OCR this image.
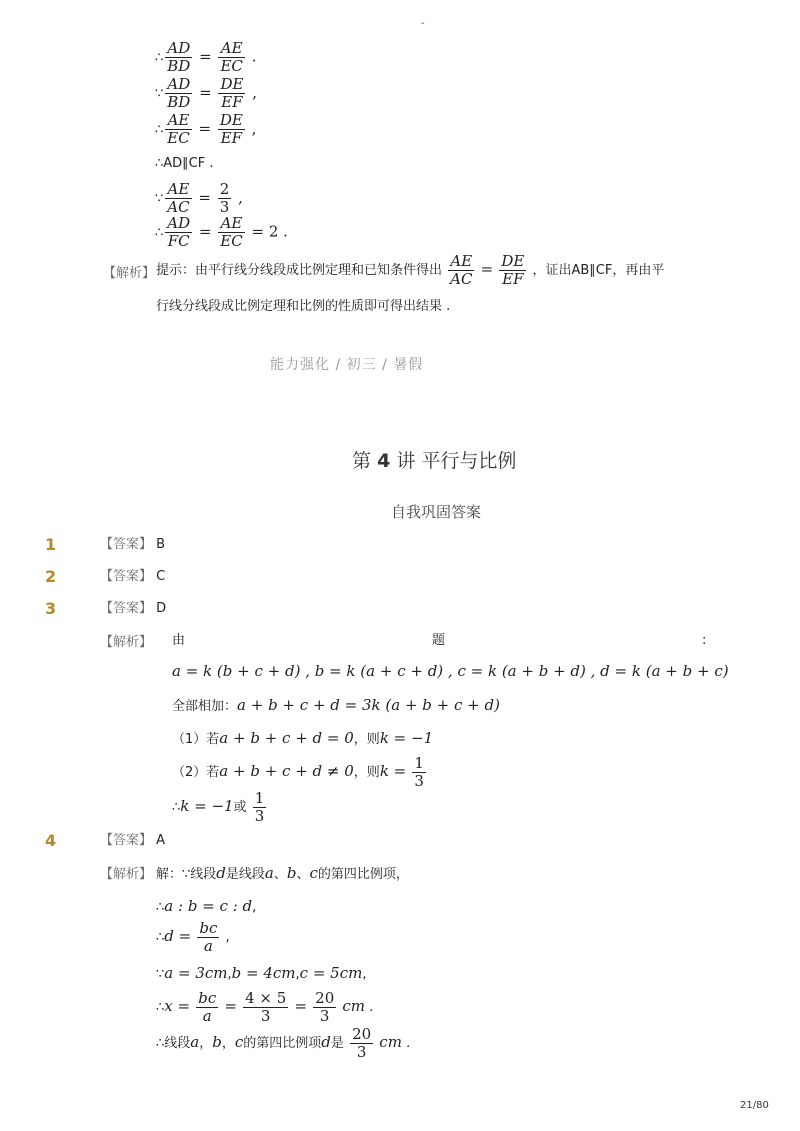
-
∴ $\frac{AD}{BD} = \frac{AE}{EC}$ .
∵ $\frac{AD}{BD} = \frac{DE}{EF}$ ,
∴ $\frac{AE}{EC} = \frac{DE}{EF}$ ,
∴AD∥CF .
∵ $\frac{AE}{AC} = \frac{2}{3}$ ,
∴ $\frac{AD}{FC} = \frac{AE}{EC} = 2$ .
【解析】 提示：由平行线分线段成比例定理和已知条件得出 $\frac{AE}{AC} = \frac{DE}{EF}$ ，证出AB∥CF，再由平
行线分线段成比例定理和比例的性质即可得出结果 .
能力强化 / 初三 / 暑假
第 4 讲 平行与比例
自我巩固答案
1	【答案】 B
2	【答案】 C
3	【答案】 D
【解析】 由	题	:
a = k (b + c + d) , b = k (a + c + d) , c = k (a + b + d) , d = k (a + b + c)
全部相加：a + b + c + d = 3k (a + b + c + d)
（1）若a + b + c + d = 0，则k = −1
（2）若a + b + c + d ≠ 0，则$k = \frac{1}{3}$
∴k = −1或 $\frac{1}{3}$
4	【答案】 A
【解析】 解：∵线段d是线段a、b、c的第四比例项，
∴a : b = c : d,
∴d = $\frac{bc}{a}$ ,
∵a = 3cm,b = 4cm,c = 5cm,
∴x = $\frac{bc}{a} = \frac{4 \times 5}{3} = \frac{20}{3}$ cm .
∴线段a，b，c的第四比例项d是 $\frac{20}{3}$ cm .
21/80
